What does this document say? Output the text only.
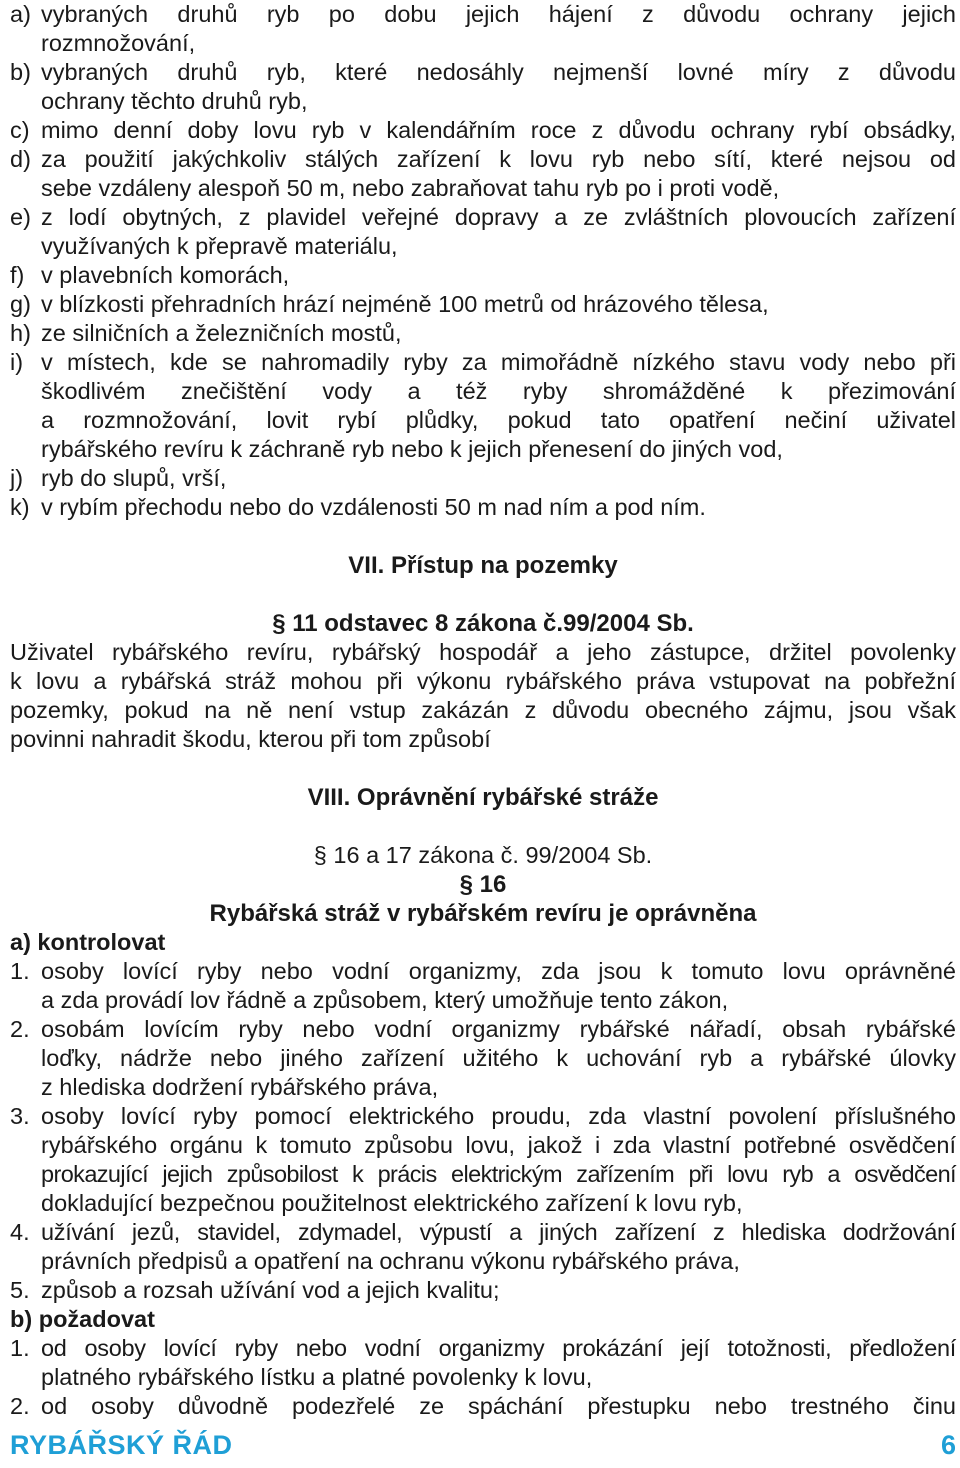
a) vybraných druhů ryb po dobu jejich hájení z důvodu ochrany jejich
rozmnožování,
b) vybraných druhů ryb, které nedosáhly nejmenší lovné míry z důvodu
ochrany těchto druhů ryb,
c) mimo denní doby lovu ryb v kalendářním roce z důvodu ochrany rybí obsádky,
d) za použití jakýchkoliv stálých zařízení k lovu ryb nebo sítí, které nejsou od
sebe vzdáleny alespoň 50 m, nebo zabraňovat tahu ryb po i proti vodě,
e) z lodí obytných, z plavidel veřejné dopravy a ze zvláštních plovoucích zařízení
využívaných k přepravě materiálu,
f) v plavebních komorách,
g) v blízkosti přehradních hrází nejméně 100 metrů od hrázového tělesa,
h) ze silničních a železničních mostů,
i) v místech, kde se nahromadily ryby za mimořádně nízkého stavu vody nebo při
škodlivém znečištění vody a též ryby shromážděné k přezimování
a rozmnožování, lovit rybí plůdky, pokud tato opatření nečiní uživatel
rybářského revíru k záchraně ryb nebo k jejich přenesení do jiných vod,
j) ryb do slupů, vrší,
k) v rybím přechodu nebo do vzdálenosti 50 m nad ním a pod ním.
VII. Přístup na pozemky
§ 11 odstavec 8 zákona č.99/2004 Sb.
Uživatel rybářského revíru, rybářský hospodář a jeho zástupce, držitel povolenky
k lovu a rybářská stráž mohou při výkonu rybářského práva vstupovat na pobřežní
pozemky, pokud na ně není vstup zakázán z důvodu obecného zájmu, jsou však
povinni nahradit škodu, kterou při tom způsobí
VIII. Oprávnění rybářské stráže
§ 16 a 17 zákona č. 99/2004 Sb.
§ 16
Rybářská stráž v rybářském revíru je oprávněna
a) kontrolovat
1. osoby lovící ryby nebo vodní organizmy, zda jsou k tomuto lovu oprávněné
a zda provádí lov řádně a způsobem, který umožňuje tento zákon,
2. osobám lovícím ryby nebo vodní organizmy rybářské nářadí, obsah rybářské
loďky, nádrže nebo jiného zařízení užitého k uchování ryb a rybářské úlovky
z hlediska dodržení rybářského práva,
3. osoby lovící ryby pomocí elektrického proudu, zda vlastní povolení příslušného
rybářského orgánu k tomuto způsobu lovu, jakož i zda vlastní potřebné osvědčení
prokazující jejich způsobilost k prácis elektrickým zařízením při lovu ryb a osvědčení
dokladující bezpečnou použitelnost elektrického zařízení k lovu ryb,
4. užívání jezů, stavidel, zdymadel, výpustí a jiných zařízení z hlediska dodržování
právních předpisů a opatření na ochranu výkonu rybářského práva,
5. způsob a rozsah užívání vod a jejich kvalitu;
b) požadovat
1. od osoby lovící ryby nebo vodní organizmy prokázání její totožnosti, předložení
platného rybářského lístku a platné povolenky k lovu,
2. od osoby důvodně podezřelé ze spáchání přestupku nebo trestného činu
RYBÁŘSKÝ ŘÁD	6
